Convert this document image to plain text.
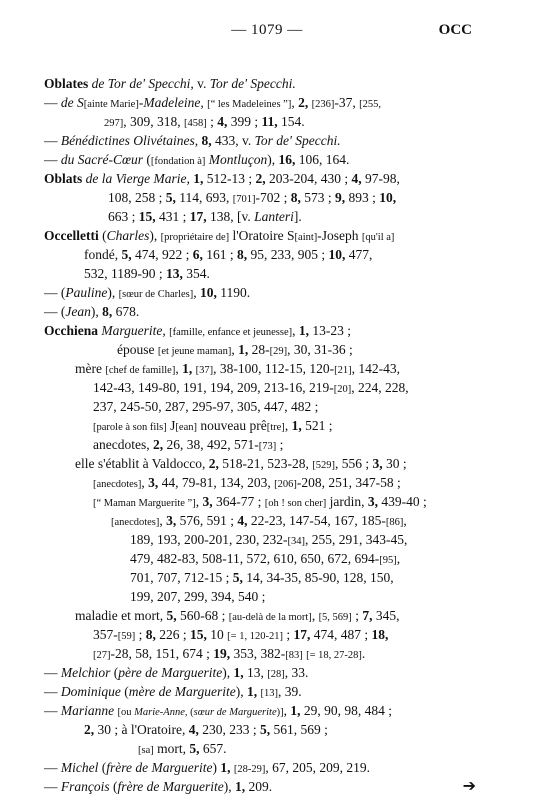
— 1079 —	OCC
Oblates de Tor de' Specchi, v. Tor de' Specchi.
— de S[ainte Marie]-Madeleine, [“ les Madeleines ”], 2, [236]-37, [255,
297], 309, 318, [458] ; 4, 399 ; 11, 154.
— Bénédictines Olivétaines, 8, 433, v. Tor de' Specchi.
— du Sacré-Cœur ([fondation à] Montluçon), 16, 106, 164.
Oblats de la Vierge Marie, 1, 512-13 ; 2, 203-204, 430 ; 4, 97-98,
108, 258 ; 5, 114, 693, [701]-702 ; 8, 573 ; 9, 893 ; 10,
663 ; 15, 431 ; 17, 138, [v. Lanteri].
Occelletti (Charles), [propriétaire de] l'Oratoire S[aint]-Joseph [qu'il a]
fondé, 5, 474, 922 ; 6, 161 ; 8, 95, 233, 905 ; 10, 477,
532, 1189-90 ; 13, 354.
— (Pauline), [sœur de Charles], 10, 1190.
— (Jean), 8, 678.
Occhiena Marguerite, [famille, enfance et jeunesse], 1, 13-23 ;
épouse [et jeune maman], 1, 28-[29], 30, 31-36 ;
mère [chef de famille], 1, [37], 38-100, 112-15, 120-[21], 142-43,
142-43, 149-80, 191, 194, 209, 213-16, 219-[20], 224, 228,
237, 245-50, 287, 295-97, 305, 447, 482 ;
[parole à son fils] J[ean] nouveau prê[tre], 1, 521 ;
anecdotes, 2, 26, 38, 492, 571-[73] ;
elle s'établit à Valdocco, 2, 518-21, 523-28, [529], 556 ; 3, 30 ;
[anecdotes], 3, 44, 79-81, 134, 203, [206]-208, 251, 347-58 ;
[“ Maman Marguerite ”], 3, 364-77 ; [oh ! son cher] jardin, 3, 439-40 ;
[anecdotes], 3, 576, 591 ; 4, 22-23, 147-54, 167, 185-[86],
189, 193, 200-201, 230, 232-[34], 255, 291, 343-45,
479, 482-83, 508-11, 572, 610, 650, 672, 694-[95],
701, 707, 712-15 ; 5, 14, 34-35, 85-90, 128, 150,
199, 207, 299, 394, 540 ;
maladie et mort, 5, 560-68 ; [au-delà de la mort], [5, 569] ; 7, 345,
357-[59] ; 8, 226 ; 15, 10 [= 1, 120-21] ; 17, 474, 487 ; 18,
[27]-28, 58, 151, 674 ; 19, 353, 382-[83] [= 18, 27-28].
— Melchior (père de Marguerite), 1, 13, [28], 33.
— Dominique (mère de Marguerite), 1, [13], 39.
— Marianne [ou Marie-Anne, (sœur de Marguerite)], 1, 29, 90, 98, 484 ;
2, 30 ; à l'Oratoire, 4, 230, 233 ; 5, 561, 569 ;
[sa] mort, 5, 657.
— Michel (frère de Marguerite) 1, [28-29], 67, 205, 209, 219.
— François (frère de Marguerite), 1, 209.	➔
